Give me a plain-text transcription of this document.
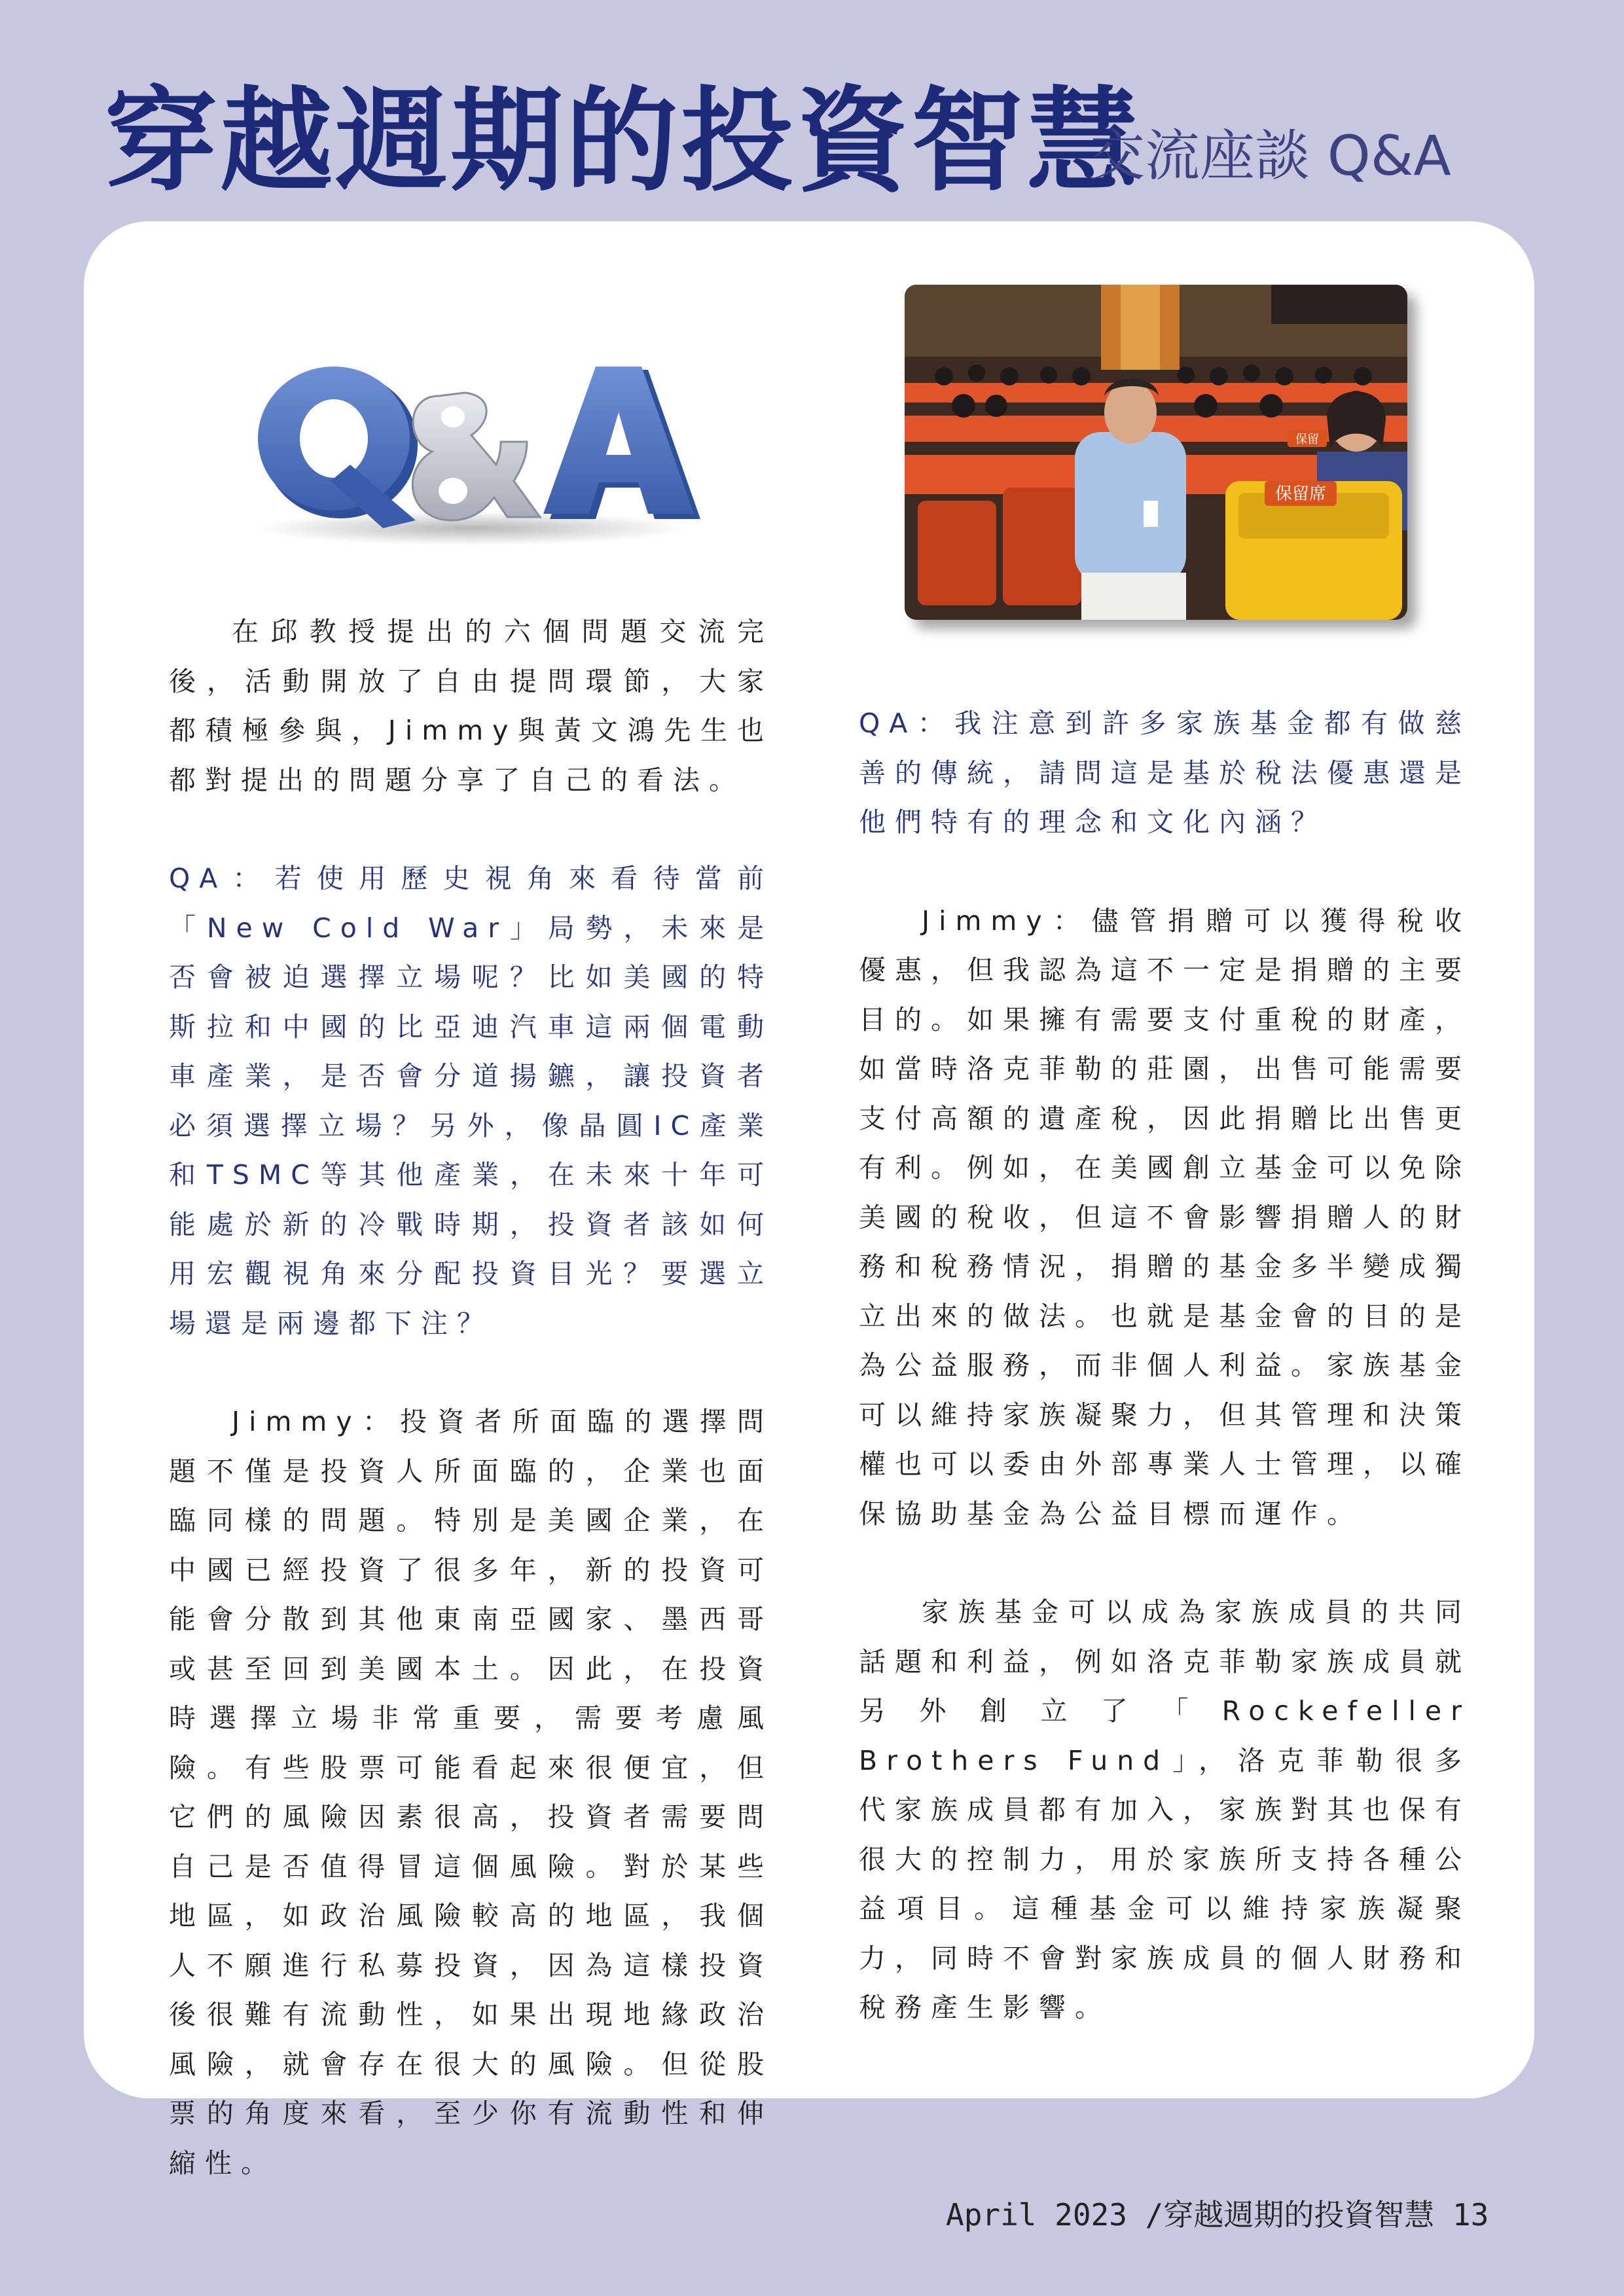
穿越週期的投資智慧
交流座談 Q&A
保留席
保留

在邱教授提出的六個問題交流完後，活動開放了自由提問環節，大家都積極參與，Jimmy與黃文鴻先生也都對提出的問題分享了自己的看法。

QA：若使用歷史視角來看待當前「New Cold War」局勢，未來是否會被迫選擇立場呢？比如美國的特斯拉和中國的比亞迪汽車這兩個電動車產業，是否會分道揚鑣，讓投資者必須選擇立場？另外，像晶圓IC產業和TSMC等其他產業，在未來十年可能處於新的冷戰時期，投資者該如何用宏觀視角來分配投資目光？要選立場還是兩邊都下注？

Jimmy：投資者所面臨的選擇問題不僅是投資人所面臨的，企業也面臨同樣的問題。特別是美國企業，在中國已經投資了很多年，新的投資可能會分散到其他東南亞國家、墨西哥或甚至回到美國本土。因此，在投資時選擇立場非常重要，需要考慮風險。有些股票可能看起來很便宜，但它們的風險因素很高，投資者需要問自己是否值得冒這個風險。對於某些地區，如政治風險較高的地區，我個人不願進行私募投資，因為這樣投資後很難有流動性，如果出現地緣政治風險，就會存在很大的風險。但從股票的角度來看，至少你有流動性和伸縮性。

QA：我注意到許多家族基金都有做慈善的傳統，請問這是基於稅法優惠還是他們特有的理念和文化內涵？

Jimmy：儘管捐贈可以獲得稅收優惠，但我認為這不一定是捐贈的主要目的。如果擁有需要支付重稅的財產，如當時洛克菲勒的莊園，出售可能需要支付高額的遺產稅，因此捐贈比出售更有利。例如，在美國創立基金可以免除美國的稅收，但這不會影響捐贈人的財務和稅務情況，捐贈的基金多半變成獨立出來的做法。也就是基金會的目的是為公益服務，而非個人利益。家族基金可以維持家族凝聚力，但其管理和決策權也可以委由外部專業人士管理，以確保協助基金為公益目標而運作。

家族基金可以成為家族成員的共同話題和利益，例如洛克菲勒家族成員就另外創立了「Rockefeller Brothers Fund」，洛克菲勒很多代家族成員都有加入，家族對其也保有很大的控制力，用於家族所支持各種公益項目。這種基金可以維持家族凝聚力，同時不會對家族成員的個人財務和稅務產生影響。

April 2023 /穿越週期的投資智慧 13
